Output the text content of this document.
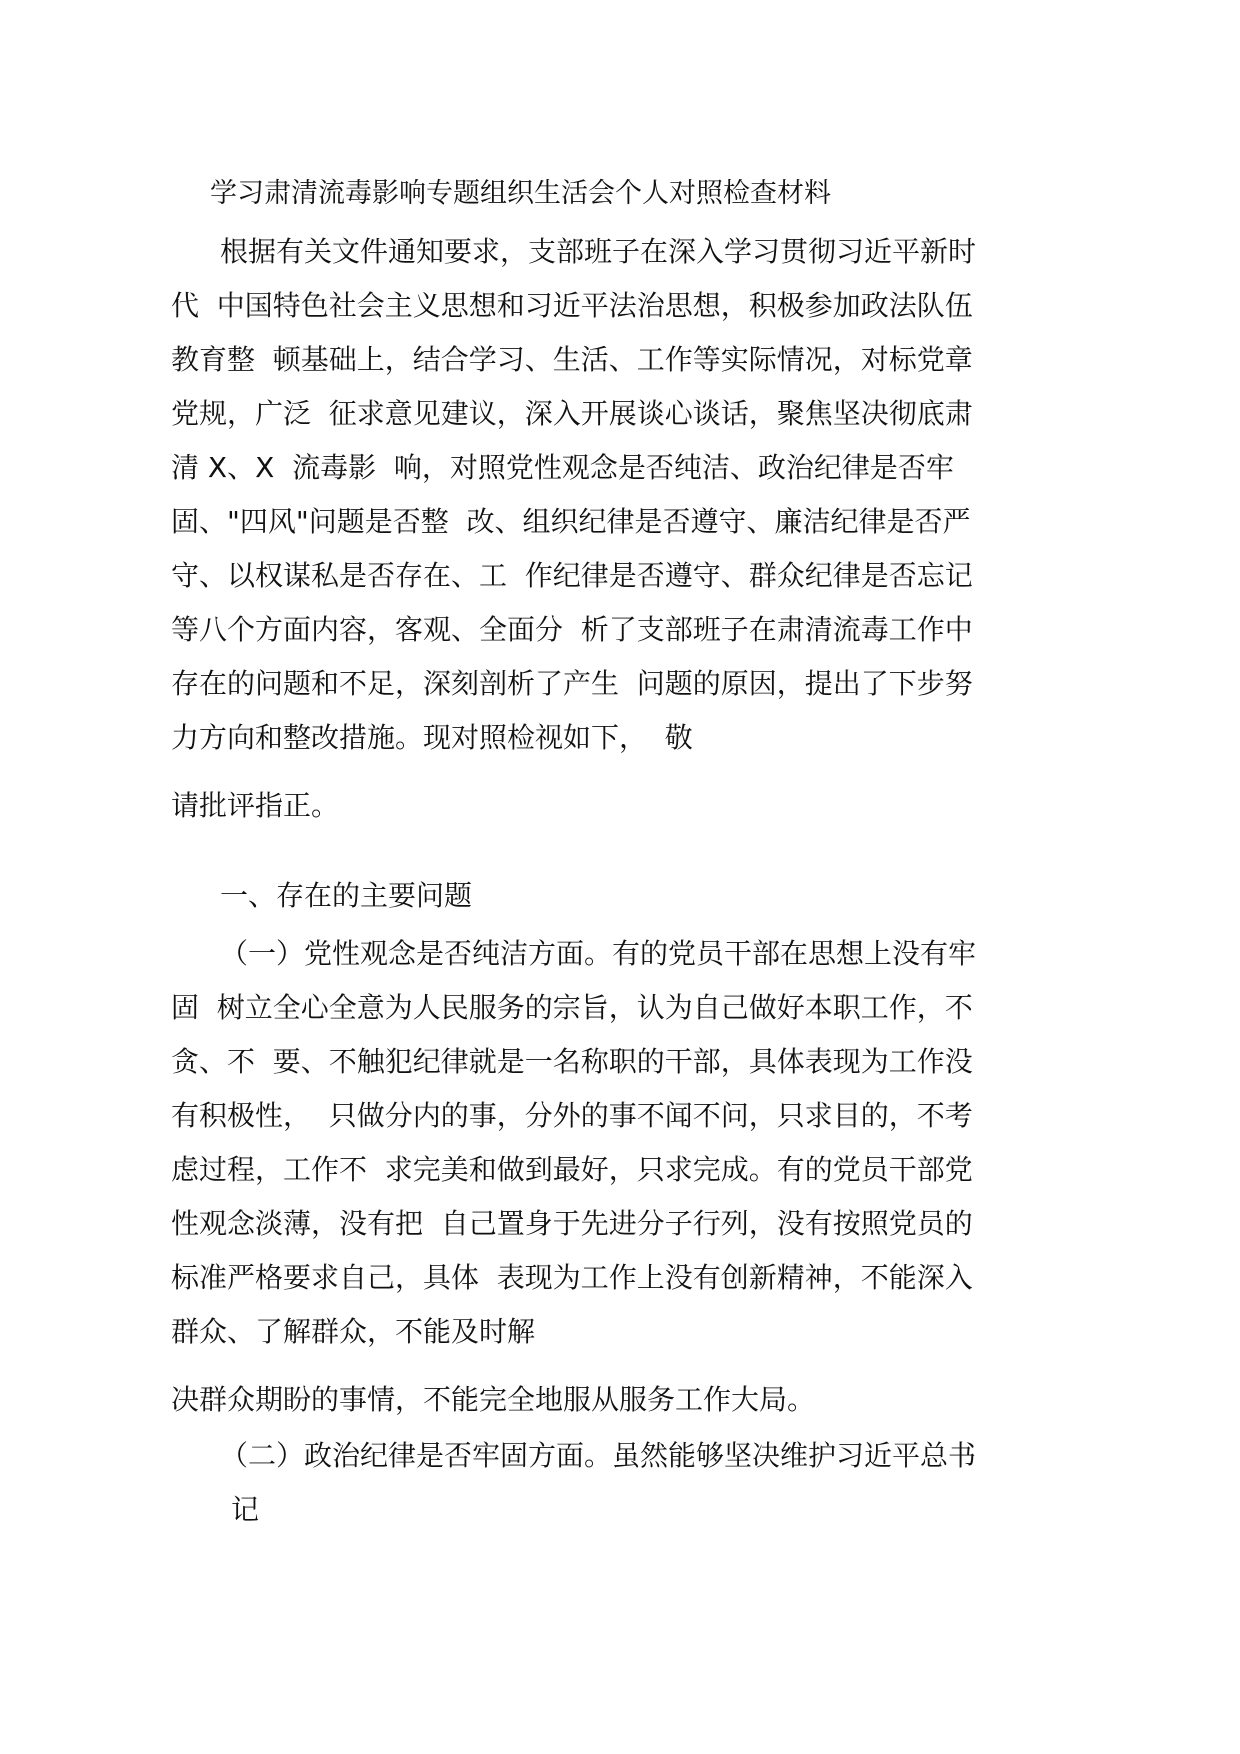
学习肃清流毒影响专题组织生活会个人对照检查材料
根据有关文件通知要求，支部班子在深入学习贯彻习近平新时
代  中国特色社会主义思想和习近平法治思想，积极参加政法队伍
教育整  顿基础上，结合学习、生活、工作等实际情况，对标党章
党规，广泛  征求意见建议，深入开展谈心谈话，聚焦坚决彻底肃
清 X、X  流毒影  响，对照党性观念是否纯洁、政治纪律是否牢
固、"四风"问题是否整  改、组织纪律是否遵守、廉洁纪律是否严
守、以权谋私是否存在、工  作纪律是否遵守、群众纪律是否忘记
等八个方面内容，客观、全面分  析了支部班子在肃清流毒工作中
存在的问题和不足，深刻剖析了产生  问题的原因，提出了下步努
力方向和整改措施。现对照检视如下，  敬
请批评指正。
一、存在的主要问题
（一）党性观念是否纯洁方面。有的党员干部在思想上没有牢
固  树立全心全意为人民服务的宗旨，认为自己做好本职工作，不
贪、不  要、不触犯纪律就是一名称职的干部，具体表现为工作没
有积极性，  只做分内的事，分外的事不闻不问，只求目的，不考
虑过程，工作不  求完美和做到最好，只求完成。有的党员干部党
性观念淡薄，没有把  自己置身于先进分子行列，没有按照党员的
标准严格要求自己，具体  表现为工作上没有创新精神，不能深入
群众、了解群众，不能及时解
决群众期盼的事情，不能完全地服从服务工作大局。
（二）政治纪律是否牢固方面。虽然能够坚决维护习近平总书
记
